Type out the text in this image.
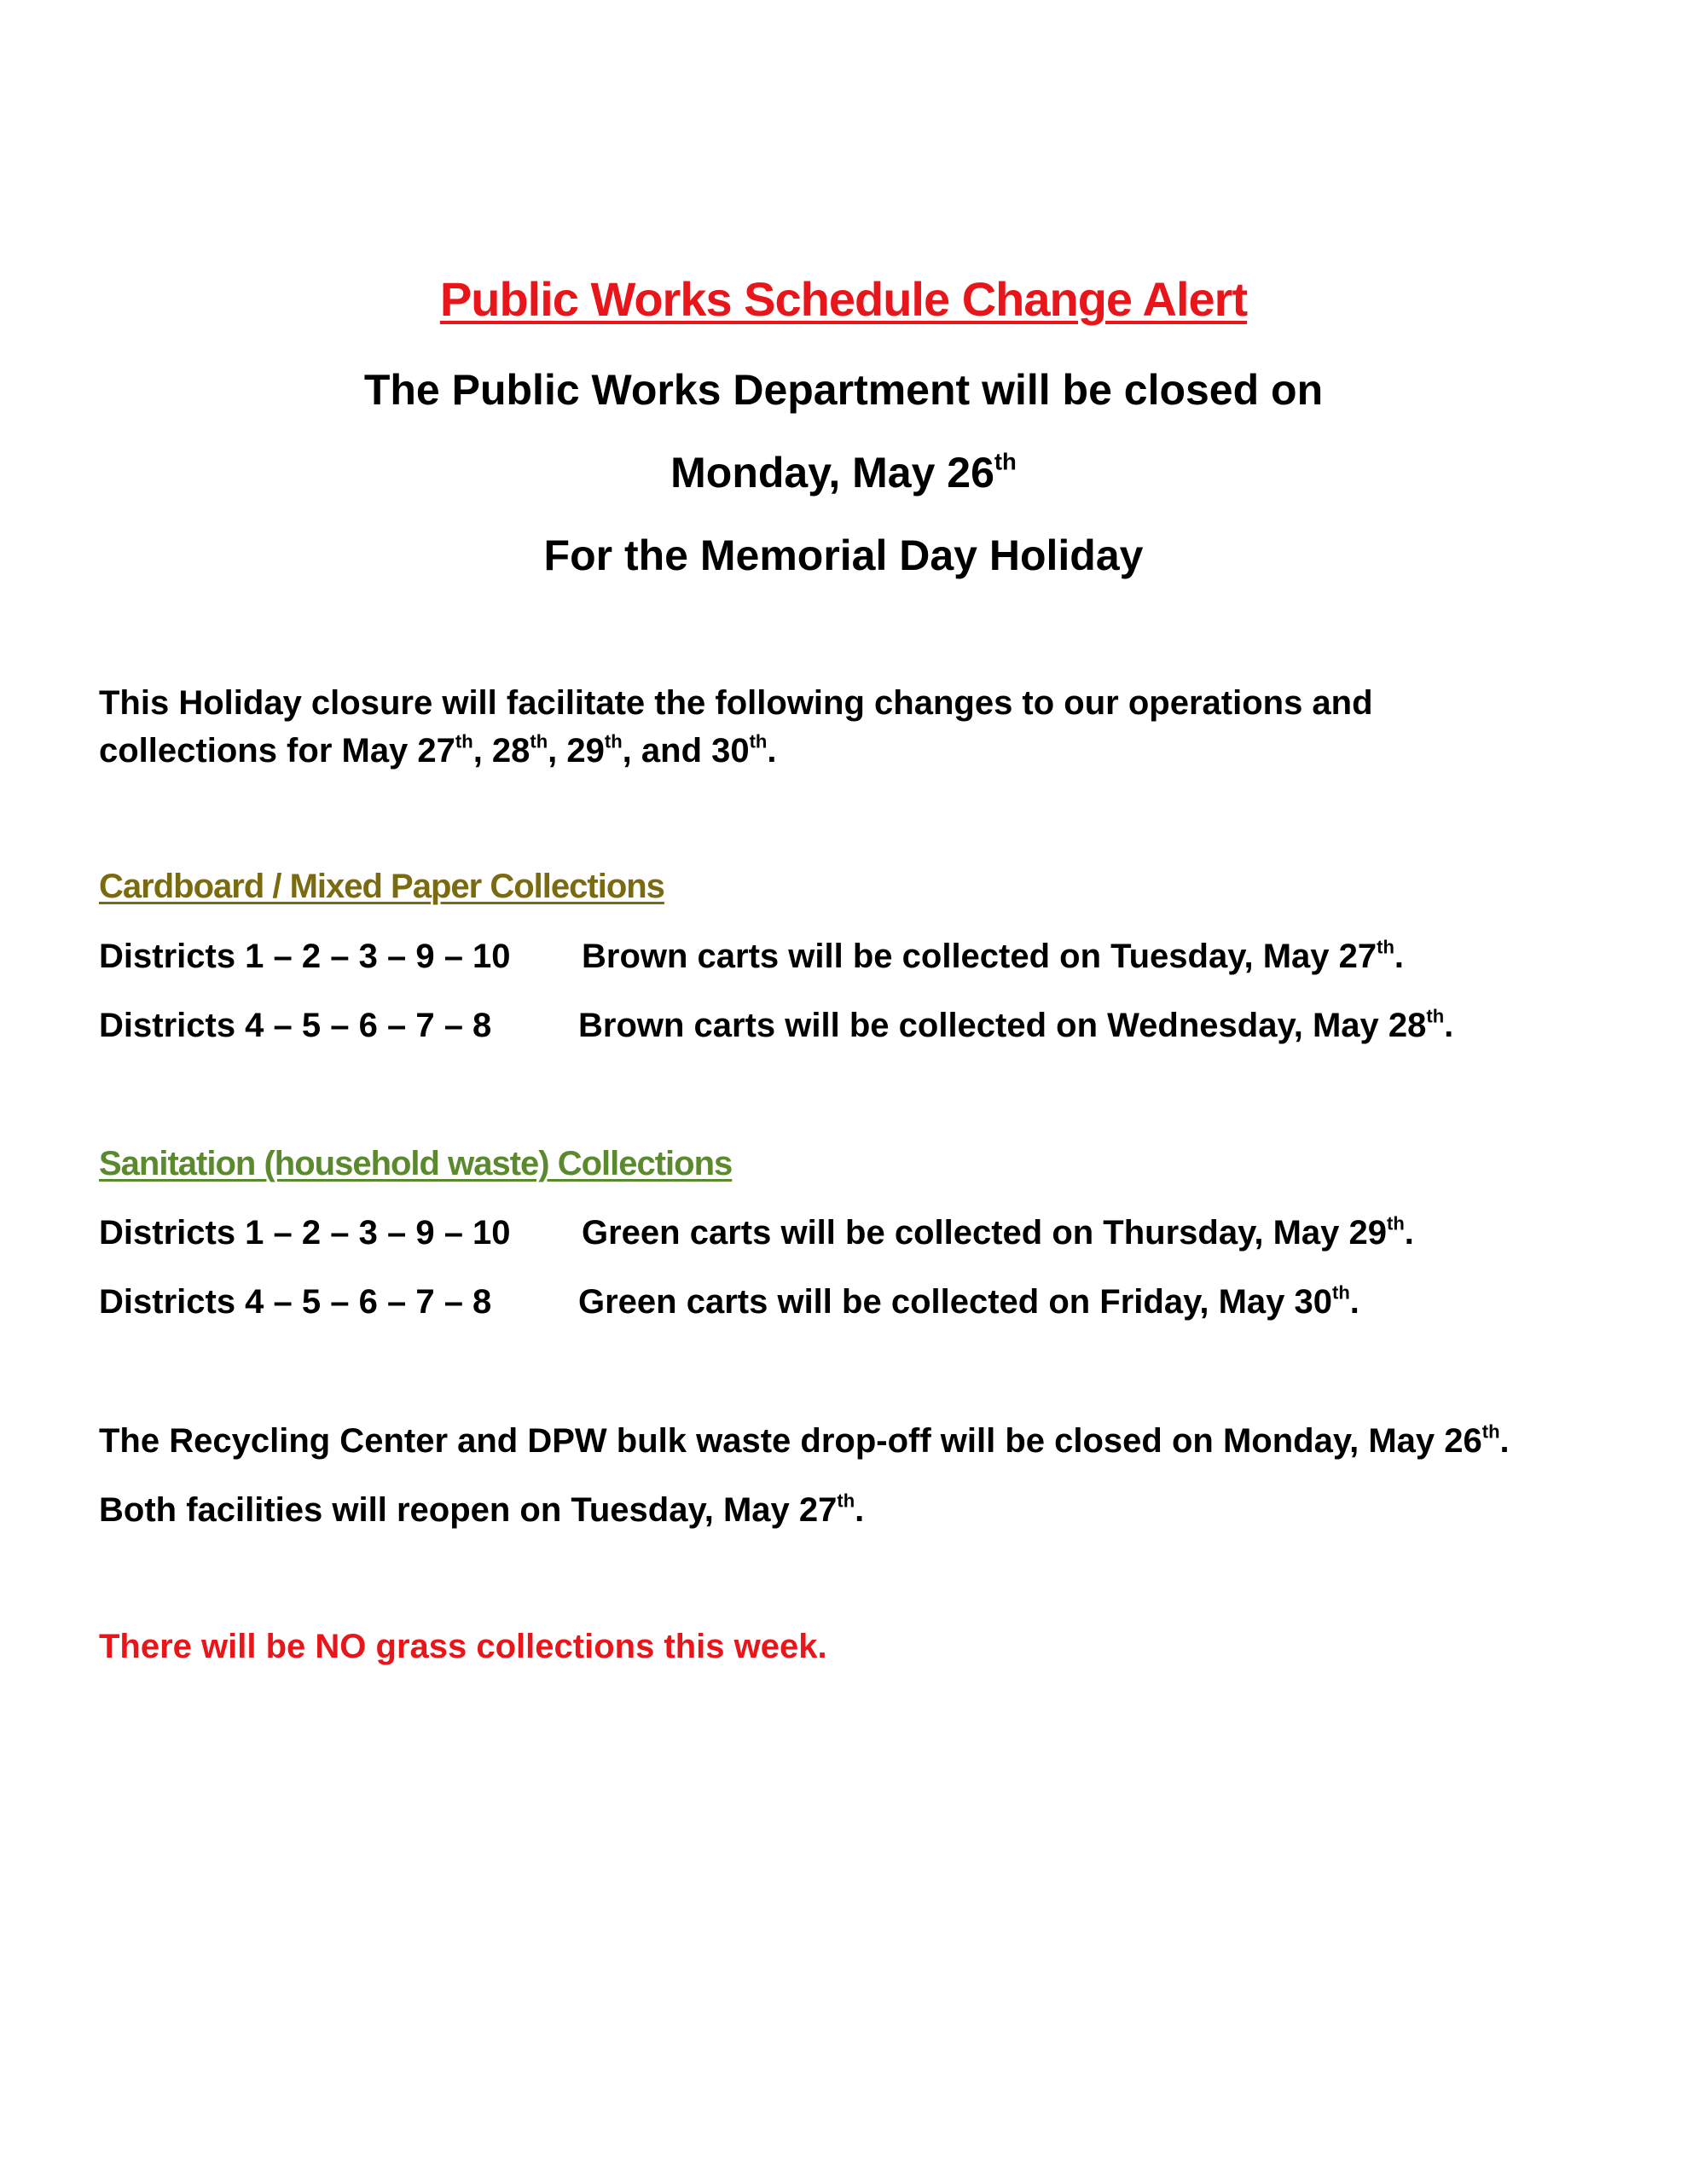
Public Works Schedule Change Alert
The Public Works Department will be closed on
Monday, May 26th
For the Memorial Day Holiday
This Holiday closure will facilitate the following changes to our operations and
collections for May 27th, 28th, 29th, and 30th.
Cardboard / Mixed Paper Collections
Districts 1 – 2 – 3 – 9 – 10 Brown carts will be collected on Tuesday, May 27th.
Districts 4 – 5 – 6 – 7 – 8	Brown carts will be collected on Wednesday, May 28th.
Sanitation (household waste) Collections
Districts 1 – 2 – 3 – 9 – 10 Green carts will be collected on Thursday, May 29th.
Districts 4 – 5 – 6 – 7 – 8	Green carts will be collected on Friday, May 30th.
The Recycling Center and DPW bulk waste drop-off will be closed on Monday, May 26th.
Both facilities will reopen on Tuesday, May 27th.
There will be NO grass collections this week.
